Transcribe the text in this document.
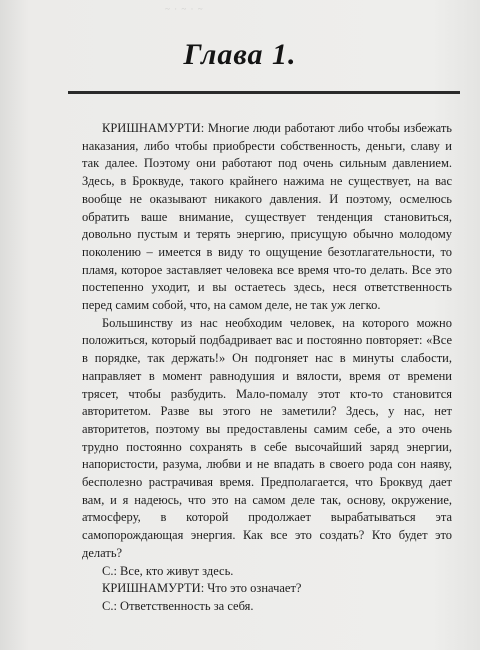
~ · ~ · ~
Глава 1.

КРИШНАМУРТИ: Многие люди работают либо чтобы избежать наказания, либо чтобы приобрести собственность, деньги, славу и так далее. Поэтому они работают под очень сильным давлением. Здесь, в Броквуде, такого крайнего нажима не существует, на вас вообще не оказывают никакого давления. И поэтому, осмелюсь обратить ваше внимание, существует тенденция становиться, довольно пустым и терять энергию, присущую обычно молодому поколению – имеется в виду то ощущение безотлагательности, то пламя, которое заставляет человека все время что-то делать. Все это постепенно уходит, и вы остаетесь здесь, неся ответственность перед самим собой, что, на самом деле, не так уж легко.

Большинству из нас необходим человек, на которого можно положиться, который подбадривает вас и постоянно повторяет: «Все в порядке, так держать!» Он подгоняет нас в минуты слабости, направляет в момент равнодушия и вялости, время от времени трясет, чтобы разбудить. Мало-помалу этот кто-то становится авторитетом. Разве вы этого не заметили? Здесь, у нас, нет авторитетов, поэтому вы предоставлены самим себе, а это очень трудно постоянно сохранять в себе высочайший заряд энергии, напористости, разума, любви и не впадать в своего рода сон наяву, бесполезно растрачивая время. Предполагается, что Броквуд дает вам, и я надеюсь, что это на самом деле так, основу, окружение, атмосферу, в которой продолжает вырабатываться эта самопорождающая энергия. Как все это создать? Кто будет это делать?

С.: Все, кто живут здесь.

КРИШНАМУРТИ: Что это означает?

С.: Ответственность за себя.
